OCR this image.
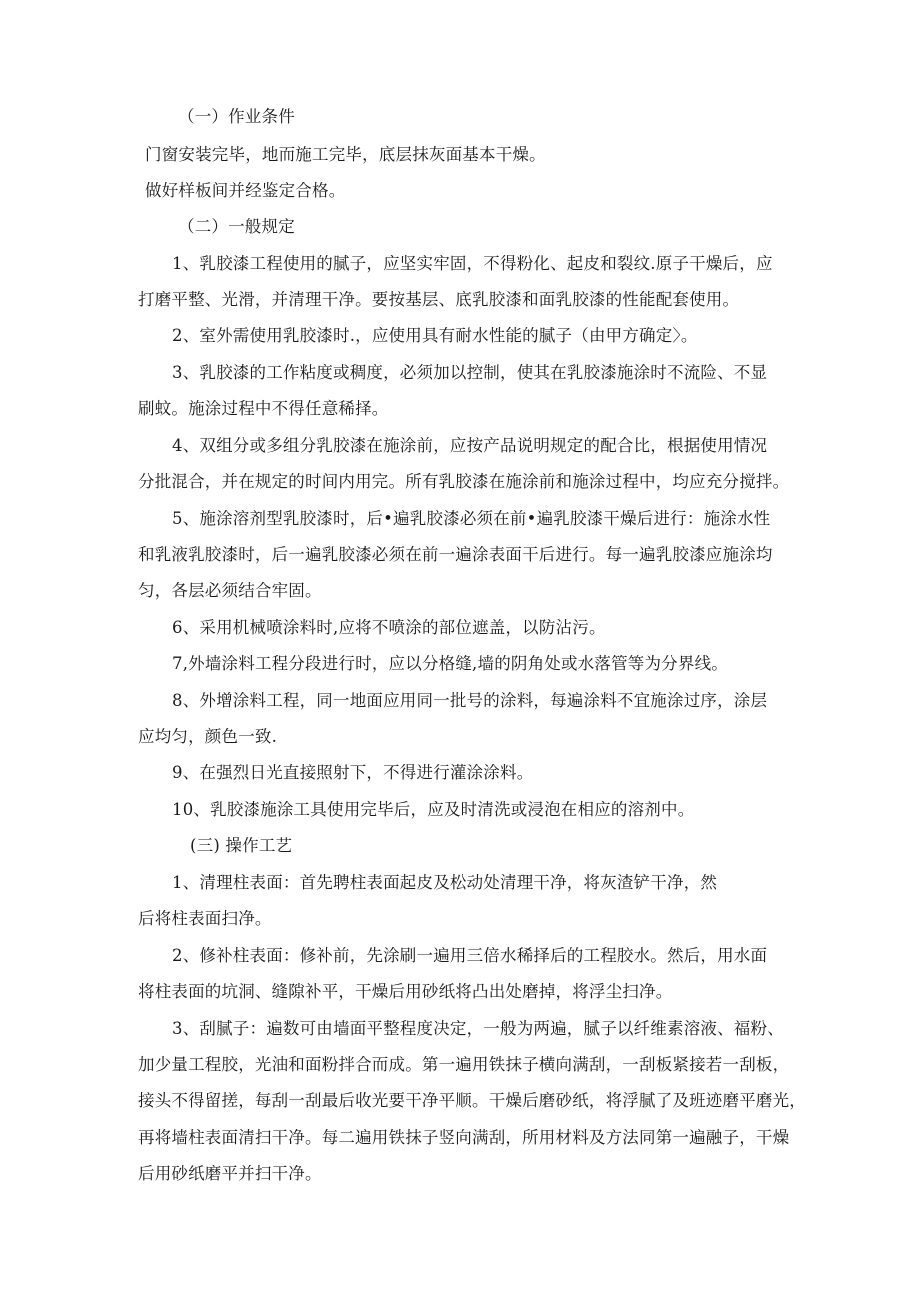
（一）作业条件
门窗安装完毕，地而施工完毕，底层抹灰面基本干燥。
做好样板间并经鉴定合格。
（二）一般规定
1、乳胶漆工程使用的腻子，应坚实牢固，不得粉化、起皮和裂纹.原子干燥后，应
打磨平整、光滑，并清理干净。要按基层、底乳胶漆和面乳胶漆的性能配套使用。
2、室外需使用乳胶漆时.，应使用具有耐水性能的腻子（由甲方确定〉。
3、乳胶漆的工作粘度或稠度，必须加以控制，使其在乳胶漆施涂时不流险、不显
刷蚊。施涂过程中不得任意稀择。
4、双组分或多组分乳胶漆在施涂前，应按产品说明规定的配合比，根据使用情况
分批混合，并在规定的时间内用完。所有乳胶漆在施涂前和施涂过程中，均应充分搅拌。
5、施涂溶剂型乳胶漆时，后•遍乳胶漆必须在前•遍乳胶漆干燥后进行：施涂水性
和乳液乳胶漆时，后一遍乳胶漆必须在前一遍涂表面干后进行。每一遍乳胶漆应施涂均
匀，各层必须结合牢固。
6、采用机械喷涂料时,应将不喷涂的部位遮盖，以防沾污。
7,外墙涂料工程分段进行时，应以分格缝,墙的阴角处或水落管等为分界线。
8、外增涂料工程，同一地面应用同一批号的涂料，每遍涂料不宜施涂过序，涂层
应均匀，颜色一致.
9、在强烈日光直接照射下，不得进行灌涂涂料。
10、乳胶漆施涂工具使用完毕后，应及时清洗或浸泡在相应的溶剂中。
(三) 操作工艺
1、清理柱表面：首先聘柱表面起皮及松动处清理干净，将灰渣铲干净，然
后将柱表面扫净。
2、修补柱表面：修补前，先涂刷一遍用三倍水稀择后的工程胶水。然后，用水面
将柱表面的坑洞、缝隙补平，干燥后用砂纸将凸出处磨掉，将浮尘扫净。
3、刮腻子：遍数可由墙面平整程度决定，一般为两遍，腻子以纤维素溶液、福粉、
加少量工程胶，光油和面粉拌合而成。第一遍用铁抹子横向满刮，一刮板紧接若一刮板，
接头不得留搓，每刮一刮最后收光要干净平顺。干燥后磨砂纸，将浮腻了及班迹磨平磨光，
再将墙柱表面清扫干净。每二遍用铁抹子竖向满刮，所用材料及方法同第一遍融子，干燥
后用砂纸磨平并扫干净。
